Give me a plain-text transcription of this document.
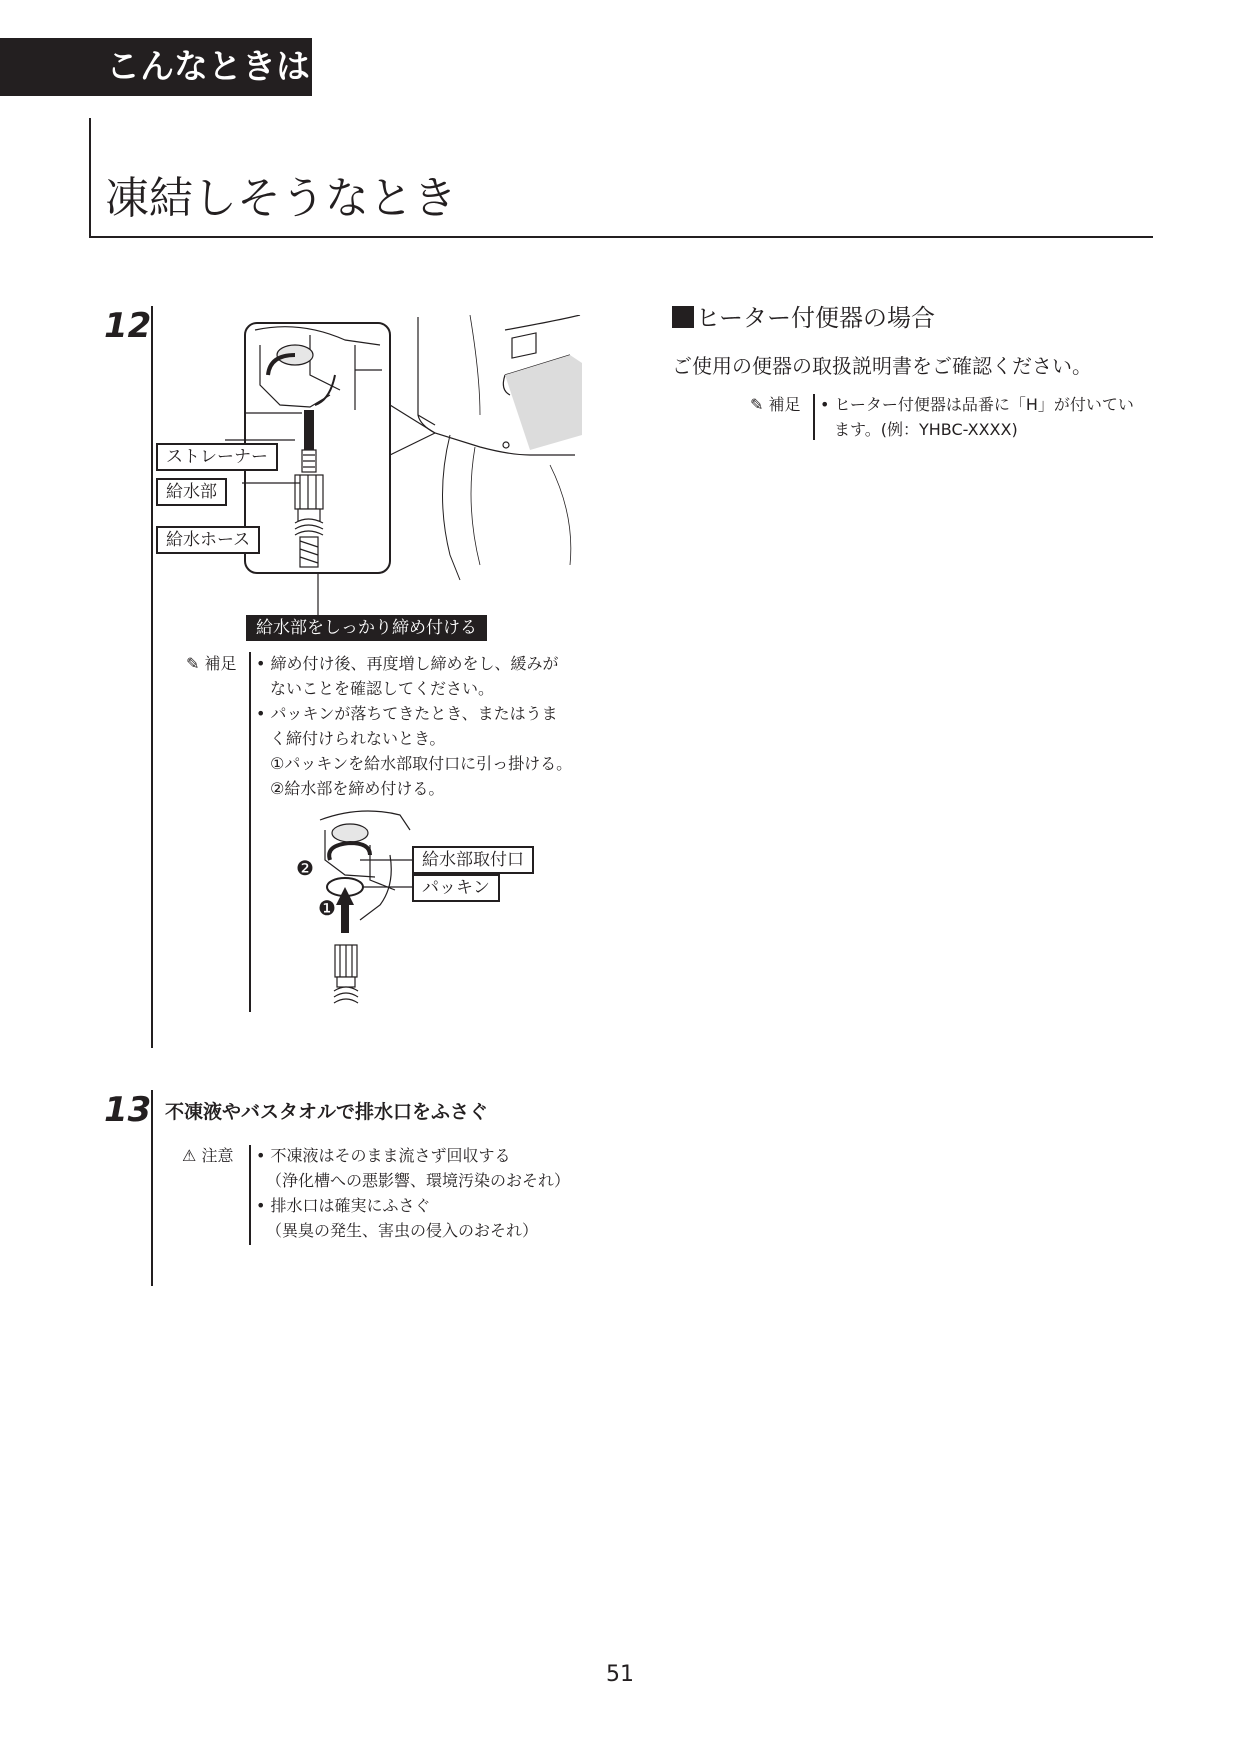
こんなときは
凍結しそうなとき
12
ストレーナー
給水部
給水ホース
給水部をしっかり締め付ける
✎ 補足 • 締め付け後、再度増し締めをし、緩みが
ないことを確認してください。
• パッキンが落ちてきたとき、またはうま
く締付けられないとき。
①パッキンを給水部取付口に引っ掛ける。
②給水部を締め付ける。
❷
❶
給水部取付口
パッキン
ヒーター付便器の場合
ご使用の便器の取扱説明書をご確認ください。
✎ 補足 • ヒーター付便器は品番に「H」が付いてい
ます。(例：YHBC-XXXX)
13 不凍液やバスタオルで排水口をふさぐ
⚠ 注意 • 不凍液はそのまま流さず回収する
（浄化槽への悪影響、環境汚染のおそれ）
• 排水口は確実にふさぐ
（異臭の発生、害虫の侵入のおそれ）
51
